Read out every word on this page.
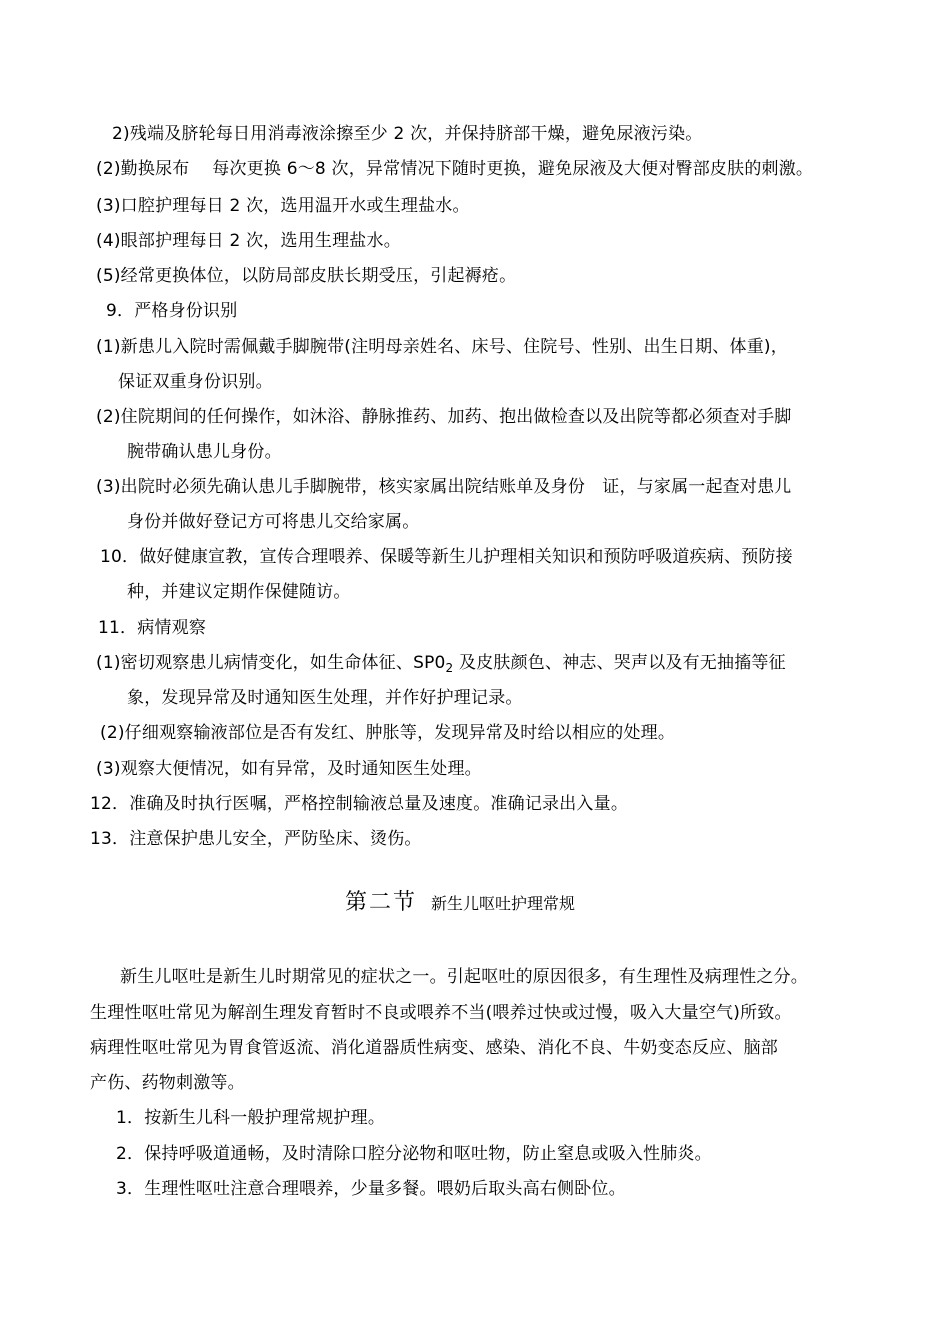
2)残端及脐轮每日用消毒液涂擦至少 2 次，并保持脐部干燥，避免尿液污染。
(2)勤换尿布　 每次更换 6～8 次，异常情况下随时更换，避免尿液及大便对臀部皮肤的刺激。
(3)口腔护理每日 2 次，选用温开水或生理盐水。
(4)眼部护理每日 2 次，选用生理盐水。
(5)经常更换体位，以防局部皮肤长期受压，引起褥疮。
9．严格身份识别
(1)新患儿入院时需佩戴手脚腕带(注明母亲姓名、床号、住院号、性别、出生日期、体重)，
保证双重身份识别。
(2)住院期间的任何操作，如沐浴、静脉推药、加药、抱出做检查以及出院等都必须查对手脚
腕带确认患儿身份。
(3)出院时必须先确认患儿手脚腕带，核实家属出院结账单及身份　证，与家属一起查对患儿
身份并做好登记方可将患儿交给家属。
10．做好健康宣教，宣传合理喂养、保暖等新生儿护理相关知识和预防呼吸道疾病、预防接
种，并建议定期作保健随访。
11．病情观察
(1)密切观察患儿病情变化，如生命体征、$SP0_2$ 及皮肤颜色、神志、哭声以及有无抽搐等征
象，发现异常及时通知医生处理，并作好护理记录。
(2)仔细观察输液部位是否有发红、肿胀等，发现异常及时给以相应的处理。
(3)观察大便情况，如有异常，及时通知医生处理。
12．准确及时执行医嘱，严格控制输液总量及速度。准确记录出入量。
13．注意保护患儿安全，严防坠床、烫伤。
第二节 新生儿呕吐护理常规
新生儿呕吐是新生儿时期常见的症状之一。引起呕吐的原因很多，有生理性及病理性之分。
生理性呕吐常见为解剖生理发育暂时不良或喂养不当(喂养过快或过慢，吸入大量空气)所致。
病理性呕吐常见为胃食管返流、消化道器质性病变、感染、消化不良、牛奶变态反应、脑部
产伤、药物刺激等。
1．按新生儿科一般护理常规护理。
2．保持呼吸道通畅，及时清除口腔分泌物和呕吐物，防止窒息或吸入性肺炎。
3．生理性呕吐注意合理喂养，少量多餐。喂奶后取头高右侧卧位。
